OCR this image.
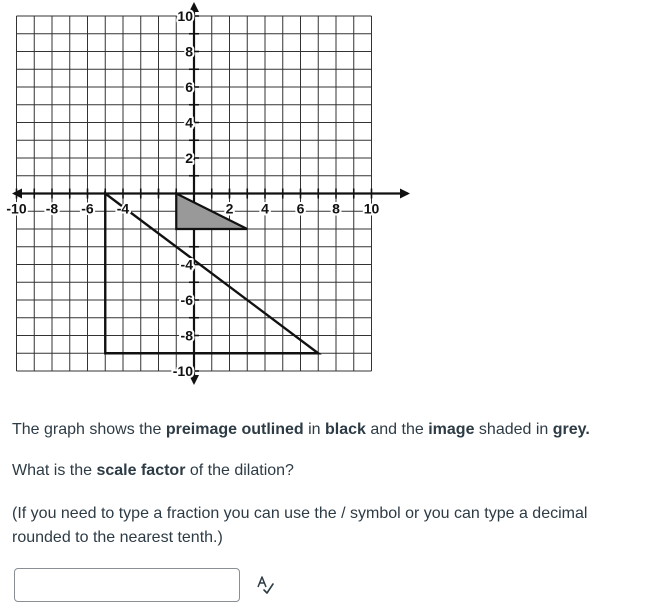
-10 -8 -6 -4	2 4 6 8 10
10
8
6
4
2
-4
-6
-8
-10

The graph shows the preimage outlined in black and the image shaded in grey.

What is the scale factor of the dilation?

(If you need to type a fraction you can use the / symbol or you can type a decimal rounded to the nearest tenth.)
